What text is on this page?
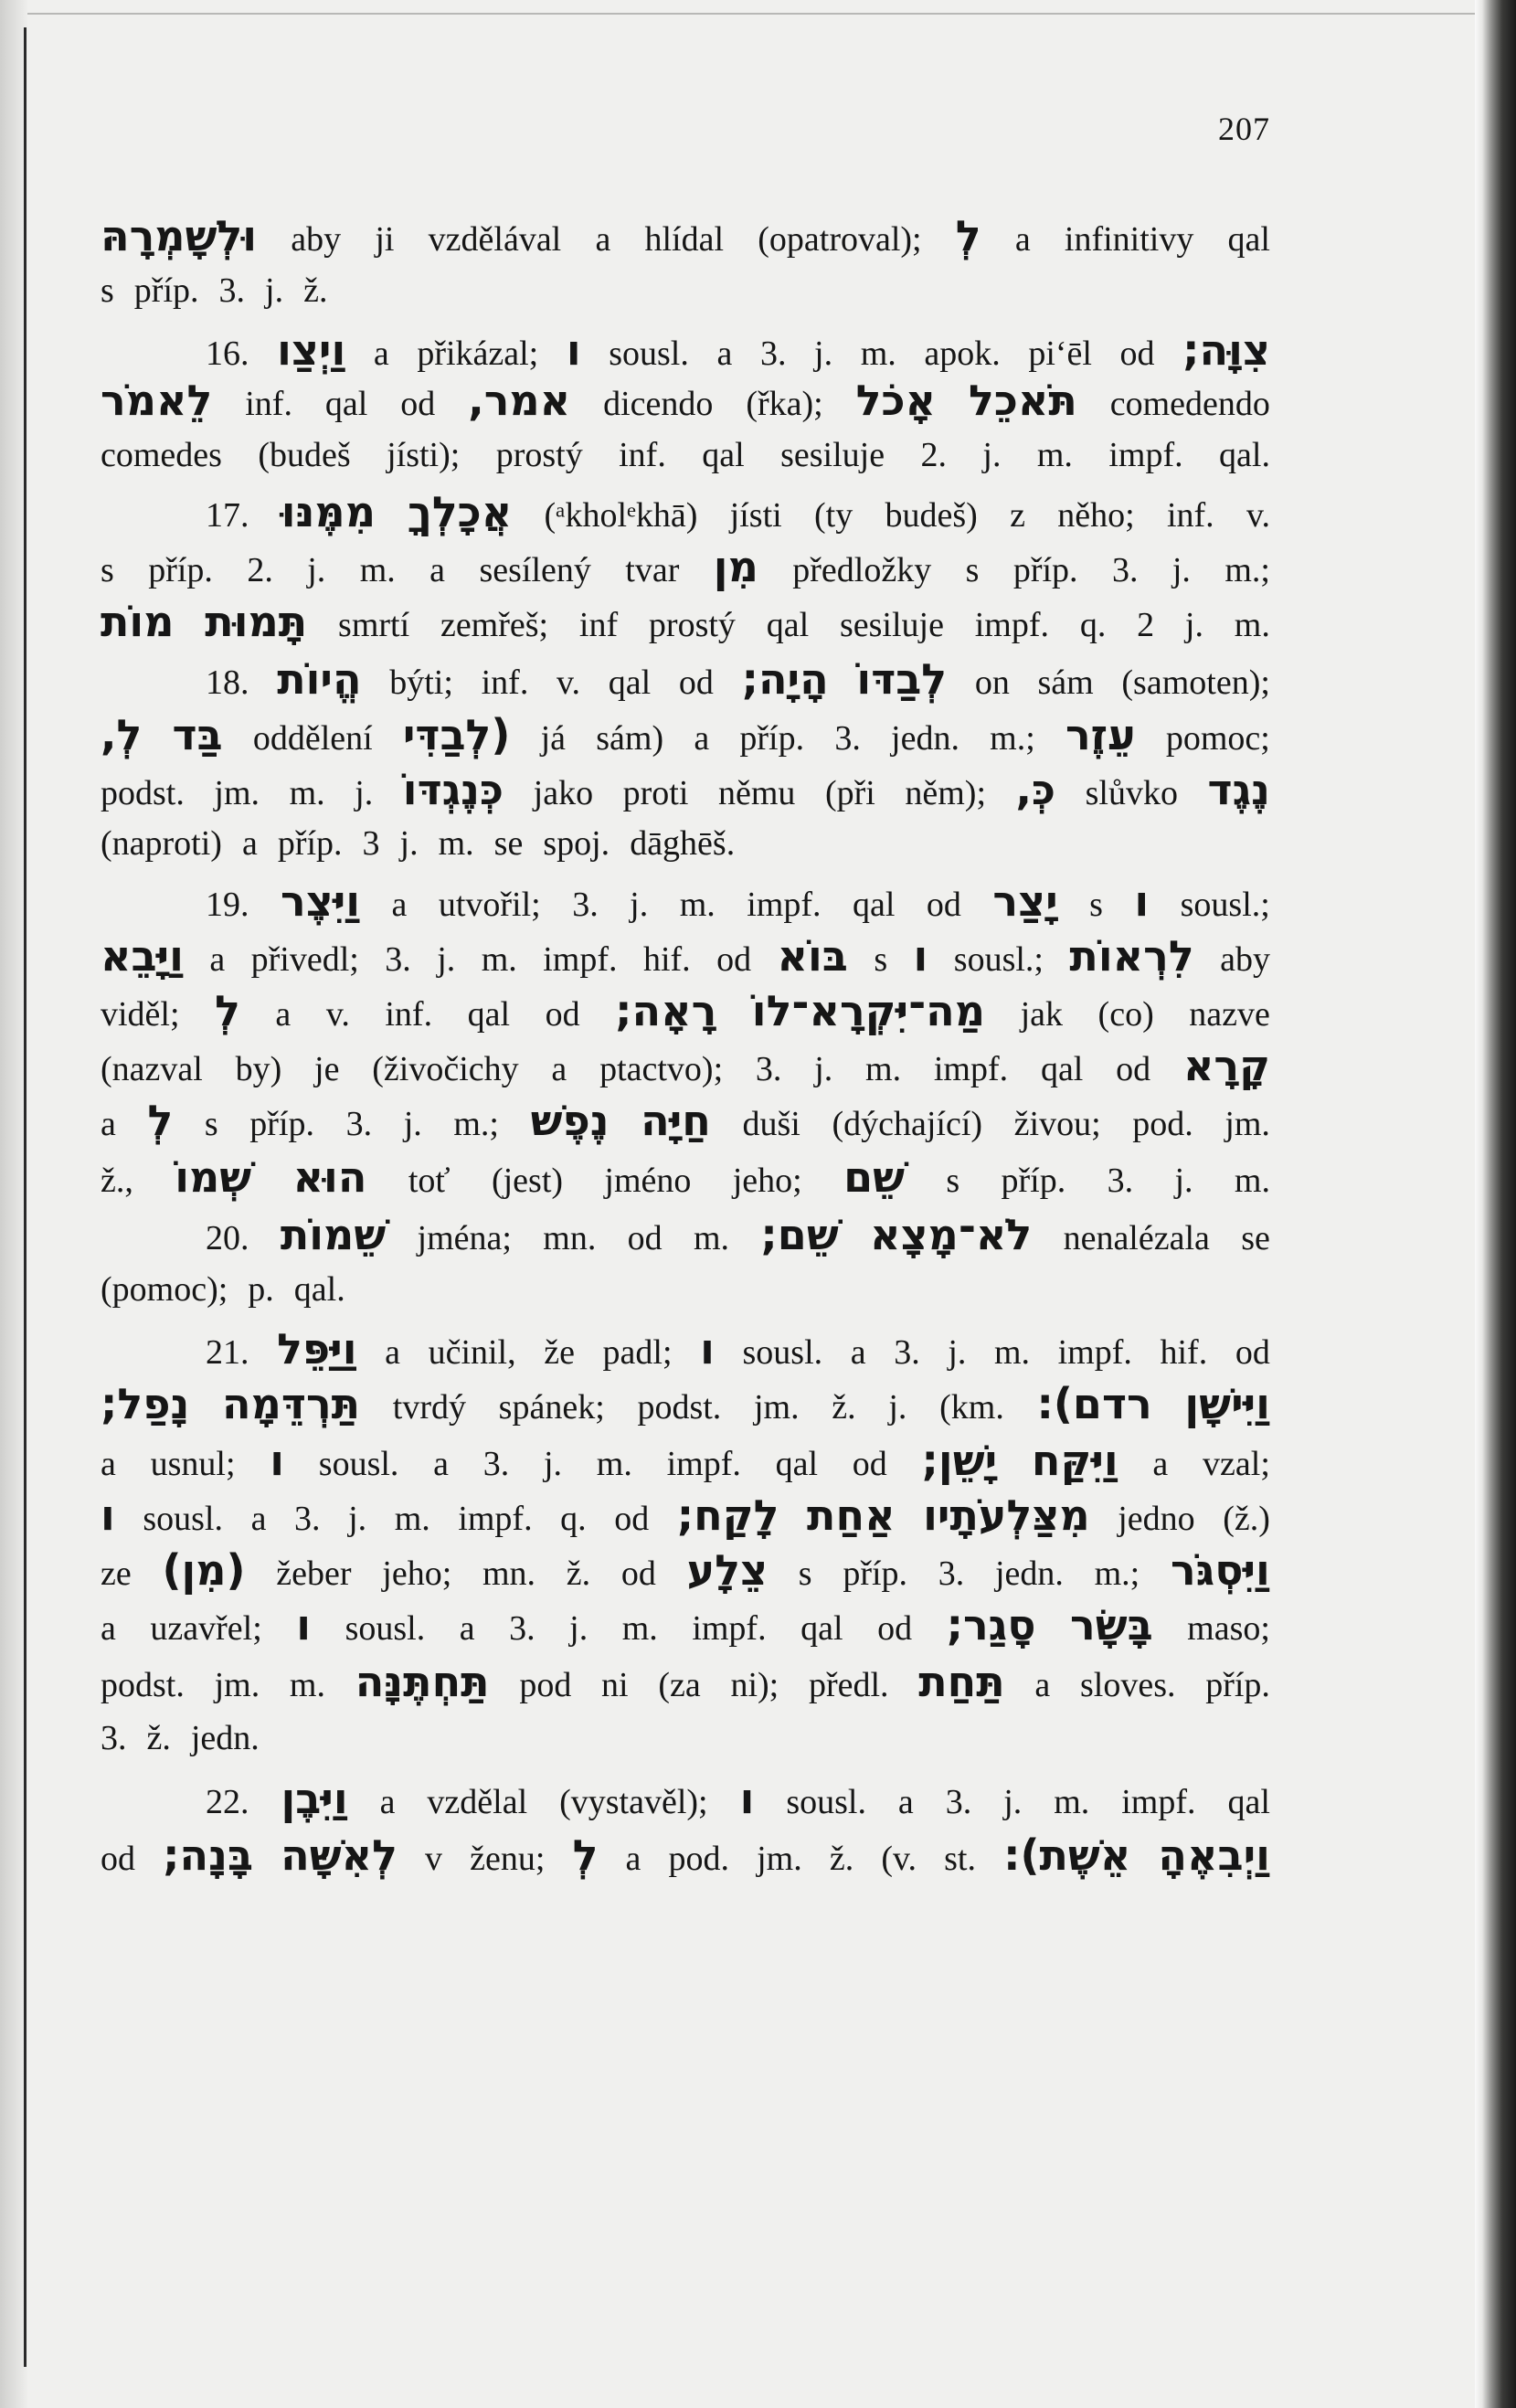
207
וּלְשָׁמְרָהּ aby ji vzdělával a hlídal (opatroval); לְ a infinitivy qal
s příp. 3. j. ž.
16. וַיְצַו a přikázal; ו sousl. a 3. j. m. apok. pi‘ēl od צִוָּה;
לֵאמֹר inf. qal od אמר, dicendo (řka); אָכֹל תֹּאכֵל comedendo
comedes (budeš jísti); prostý inf. qal sesiluje 2. j. m. impf. qal.
17. מִמֶּנּוּ אֲכָלְךָ (ᵃkholᵉkhā) jísti (ty budeš) z něho; inf. v.
s příp. 2. j. m. a sesílený tvar מִן předložky s příp. 3. j. m.;
מוֹת תָּמוּת smrtí zemřeš; inf prostý qal sesiluje impf. q. 2 j. m.
18. הֱיוֹת býti; inf. v. qal od הָיָה; לְבַדּוֹ on sám (samoten);
לְ, בַּד oddělení (לְבַדִּי já sám) a příp. 3. jedn. m.; עֵזֶר pomoc;
podst. jm. m. j. כְּנֶגְדּוֹ jako proti němu (při něm); כְּ, slůvko נֶגֶד
(naproti) a příp. 3 j. m. se spoj. dāghēš.
19. וַיִּצֶר a utvořil; 3. j. m. impf. qal od יָצַר s ו sousl.;
וַיָּבֵא a přivedl; 3. j. m. impf. hif. od בּוֹא s ו sousl.; לִרְאוֹת aby
viděl; לְ a v. inf. qal od רָאָה; מַה־יִּקְרָא־לוֹ jak (co) nazve
(nazval by) je (živočichy a ptactvo); 3. j. m. impf. qal od קָרָא
a לְ s příp. 3. j. m.; נֶפֶשׁ חַיָּה duši (dýchající) živou; pod. jm.
ž., שְׁמוֹ הוּא toť (jest) jméno jeho; שֵׁם s příp. 3. j. m.
20. שֵׁמוֹת jména; mn. od m. שֵׁם; לֹא־מָצָא nenalézala se
(pomoc); p. qal.
21. וַיַּפֵּל a učinil, že padl; ו sousl. a 3. j. m. impf. hif. od
נָפַל; תַּרְדֵּמָה tvrdý spánek; podst. jm. ž. j. (km. רדם): וַיִּישָׁן
a usnul; ו sousl. a 3. j. m. impf. qal od יָשֵׁן; וַיִּקַּח a vzal;
ו sousl. a 3. j. m. impf. q. od לָקַח; אַחַת מִצַּלְעֹתָיו jedno (ž.)
ze (מִן) žeber jeho; mn. ž. od צֵלָע s příp. 3. jedn. m.; וַיִּסְגֹּר
a uzavřel; ו sousl. a 3. j. m. impf. qal od סָגַר; בָּשָׂר maso;
podst. jm. m. תַּחְתֶּנָּה pod ni (za ni); předl. תַּחַת a sloves. příp.
3. ž. jedn.
22. וַיִּבֶן a vzdělal (vystavěl); ו sousl. a 3. j. m. impf. qal
od בָּנָה; לְאִשָּׁה v ženu; לְ a pod. jm. ž. (v. st. אֵשֶׁת): וַיְבִאֶהָ
